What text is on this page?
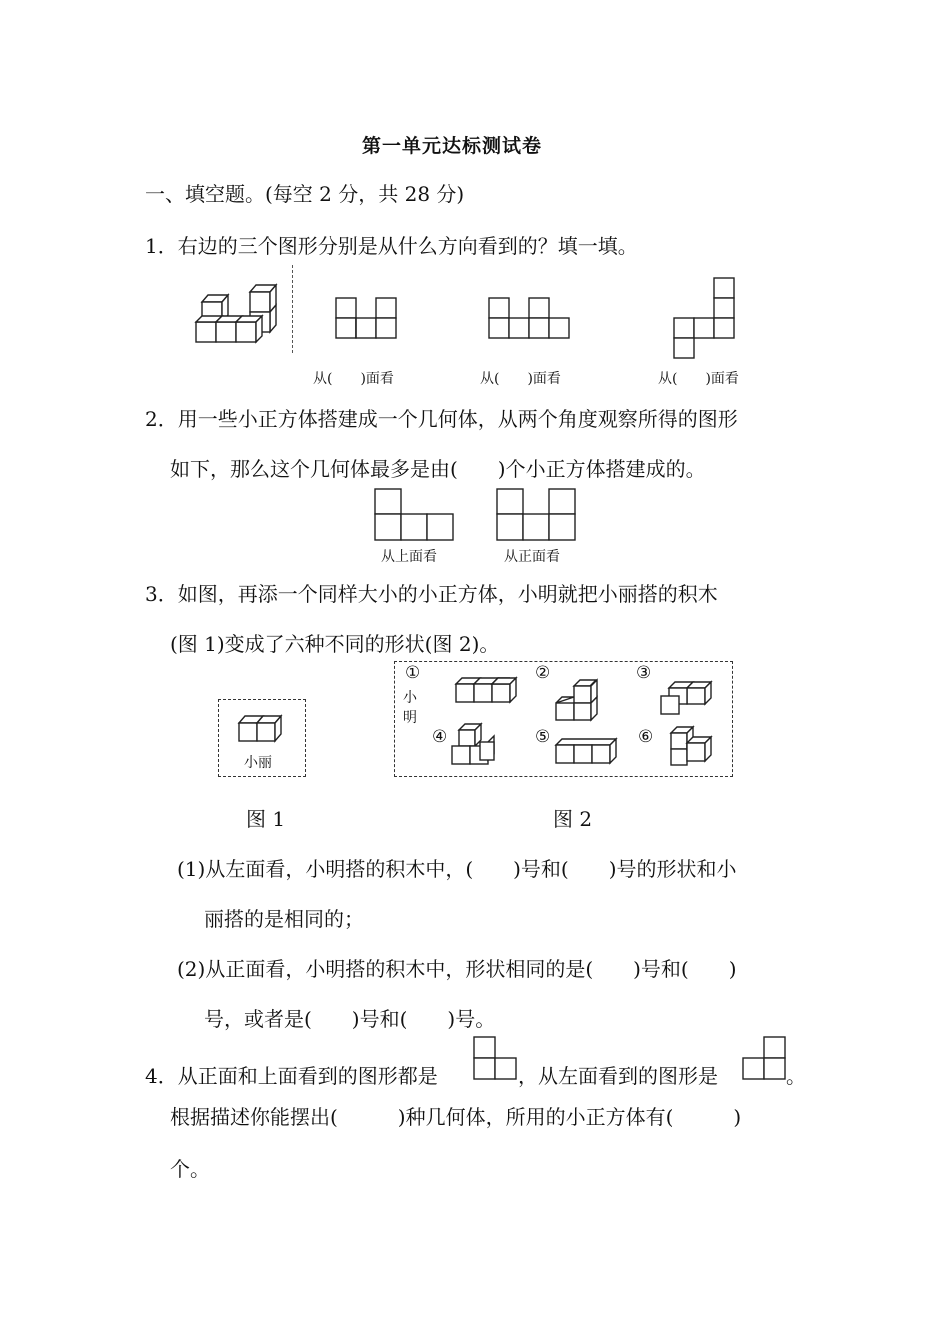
第一单元达标测试卷
一、填空题。(每空 2 分，共 28 分)
1．右边的三个图形分别是从什么方向看到的？填一填。
从(　　)面看	从(　　)面看	从(　　)面看
2．用一些小正方体搭建成一个几何体，从两个角度观察所得的图形
如下，那么这个几何体最多是由(　　)个小正方体搭建成的。
从上面看	从正面看
3．如图，再添一个同样大小的小正方体，小明就把小丽搭的积木
(图 1)变成了六种不同的形状(图 2)。
小丽
小明
①	②	③
④	⑤	⑥
图 1	图 2
(1)从左面看，小明搭的积木中，(　　)号和(　　)号的形状和小
丽搭的是相同的；
(2)从正面看，小明搭的积木中，形状相同的是(　　)号和(　　)
号，或者是(　　)号和(　　)号。
4．从正面和上面看到的图形都是	，从左面看到的图形是	。
根据描述你能摆出(　　　)种几何体，所用的小正方体有(　　　)
个。
